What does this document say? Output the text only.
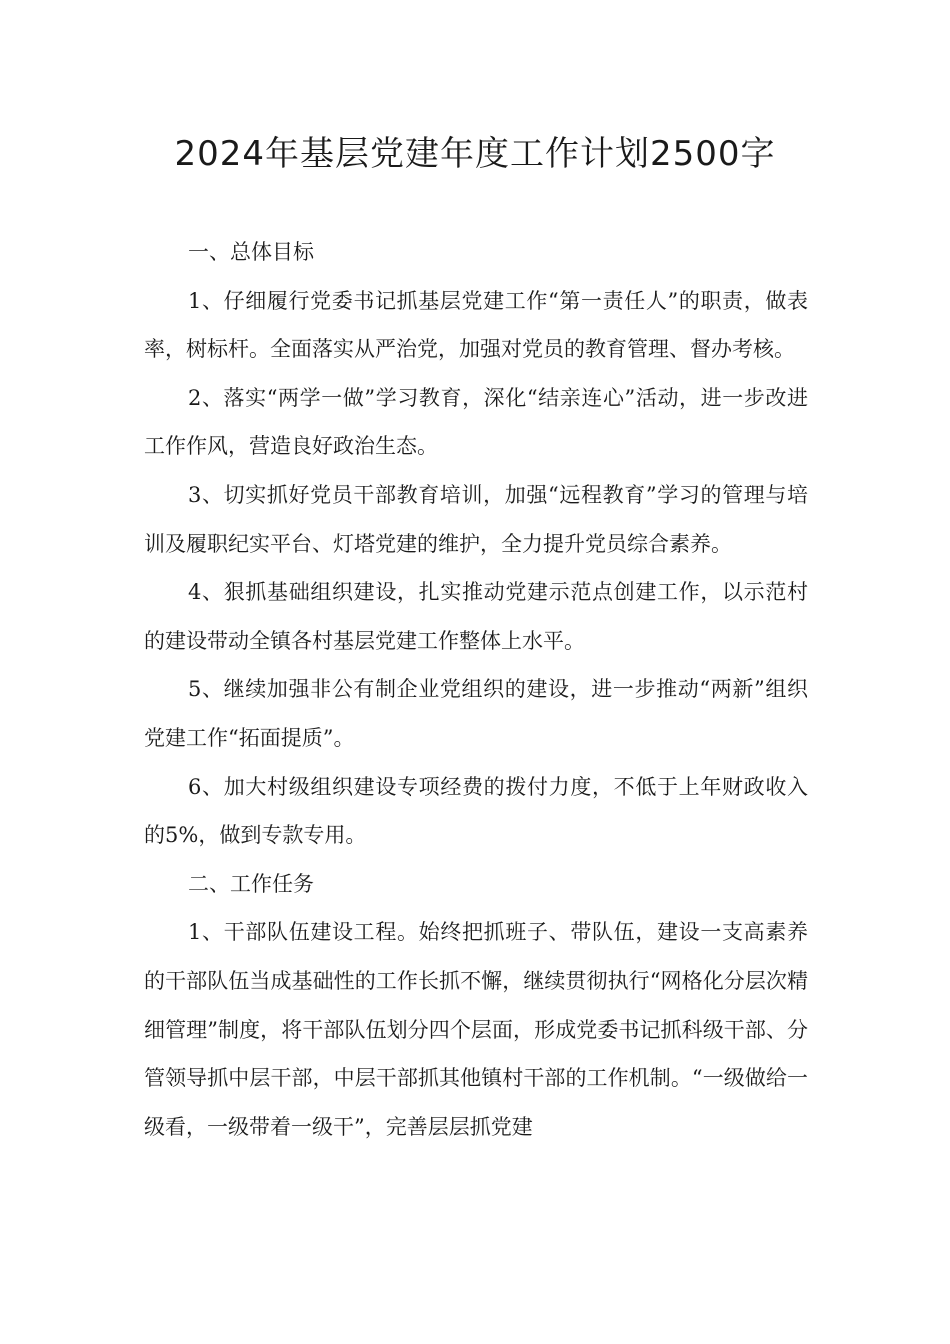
2024年基层党建年度工作计划2500字

一、总体目标

1、仔细履行党委书记抓基层党建工作“第一责任人”的职责，做表率，树标杆。全面落实从严治党，加强对党员的教育管理、督办考核。

2、落实“两学一做”学习教育，深化“结亲连心”活动，进一步改进工作作风，营造良好政治生态。

3、切实抓好党员干部教育培训，加强“远程教育”学习的管理与培训及履职纪实平台、灯塔党建的维护，全力提升党员综合素养。

4、狠抓基础组织建设，扎实推动党建示范点创建工作，以示范村的建设带动全镇各村基层党建工作整体上水平。

5、继续加强非公有制企业党组织的建设，进一步推动“两新”组织党建工作“拓面提质”。

6、加大村级组织建设专项经费的拨付力度，不低于上年财政收入的5%，做到专款专用。

二、工作任务

1、干部队伍建设工程。始终把抓班子、带队伍，建设一支高素养的干部队伍当成基础性的工作长抓不懈，继续贯彻执行“网格化分层次精细管理”制度，将干部队伍划分四个层面，形成党委书记抓科级干部、分管领导抓中层干部，中层干部抓其他镇村干部的工作机制。“一级做给一级看，一级带着一级干”，完善层层抓党建
